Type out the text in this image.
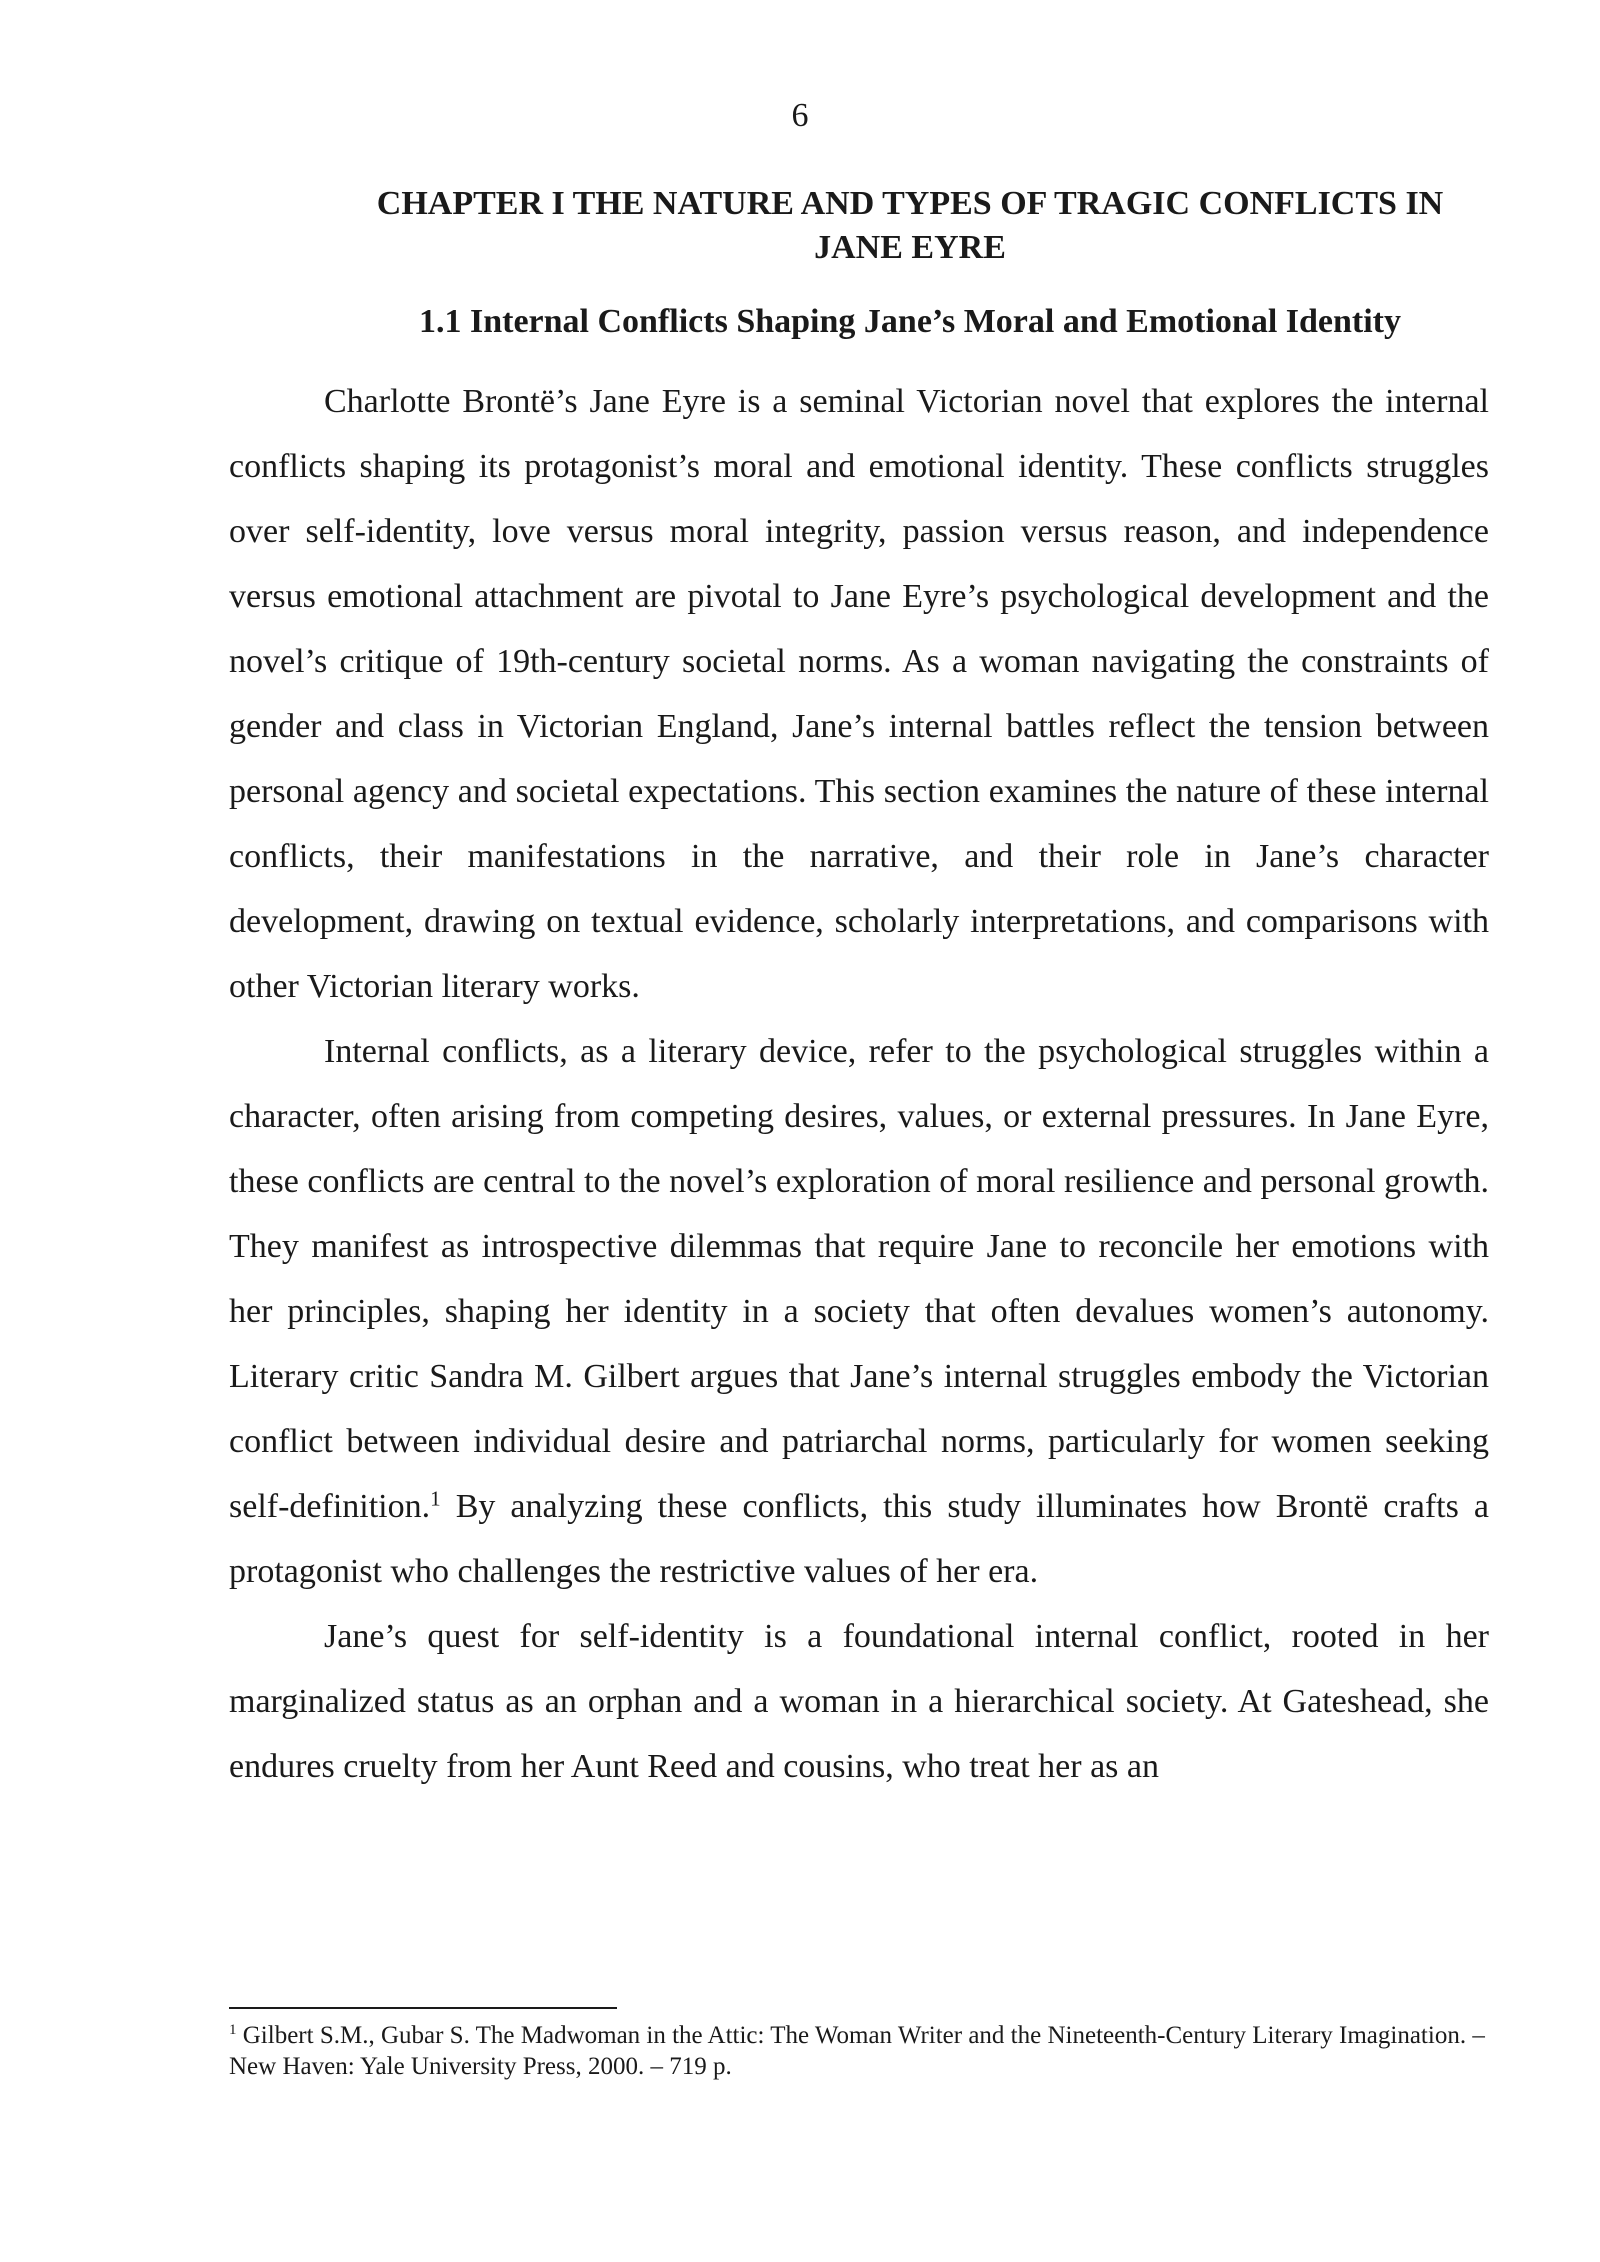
6
CHAPTER I THE NATURE AND TYPES OF TRAGIC CONFLICTS IN JANE EYRE
1.1 Internal Conflicts Shaping Jane’s Moral and Emotional Identity

Charlotte Brontë’s Jane Eyre is a seminal Victorian novel that explores the internal conflicts shaping its protagonist’s moral and emotional identity. These conflicts struggles over self-identity, love versus moral integrity, passion versus reason, and independence versus emotional attachment are pivotal to Jane Eyre’s psychological development and the novel’s critique of 19th-century societal norms. As a woman navigating the constraints of gender and class in Victorian England, Jane’s internal battles reflect the tension between personal agency and societal expectations. This section examines the nature of these internal conflicts, their manifestations in the narrative, and their role in Jane’s character development, drawing on textual evidence, scholarly interpretations, and comparisons with other Victorian literary works.

Internal conflicts, as a literary device, refer to the psychological struggles within a character, often arising from competing desires, values, or external pressures. In Jane Eyre, these conflicts are central to the novel’s exploration of moral resilience and personal growth. They manifest as introspective dilemmas that require Jane to reconcile her emotions with her principles, shaping her identity in a society that often devalues women’s autonomy. Literary critic Sandra M. Gilbert argues that Jane’s internal struggles embody the Victorian conflict between individual desire and patriarchal norms, particularly for women seeking self-definition.$^1$ By analyzing these conflicts, this study illuminates how Brontë crafts a protagonist who challenges the restrictive values of her era.

Jane’s quest for self-identity is a foundational internal conflict, rooted in her marginalized status as an orphan and a woman in a hierarchical society. At Gateshead, she endures cruelty from her Aunt Reed and cousins, who treat her as an

$^1$ Gilbert S.M., Gubar S. The Madwoman in the Attic: The Woman Writer and the Nineteenth-Century Literary Imagination. – New Haven: Yale University Press, 2000. – 719 p.
